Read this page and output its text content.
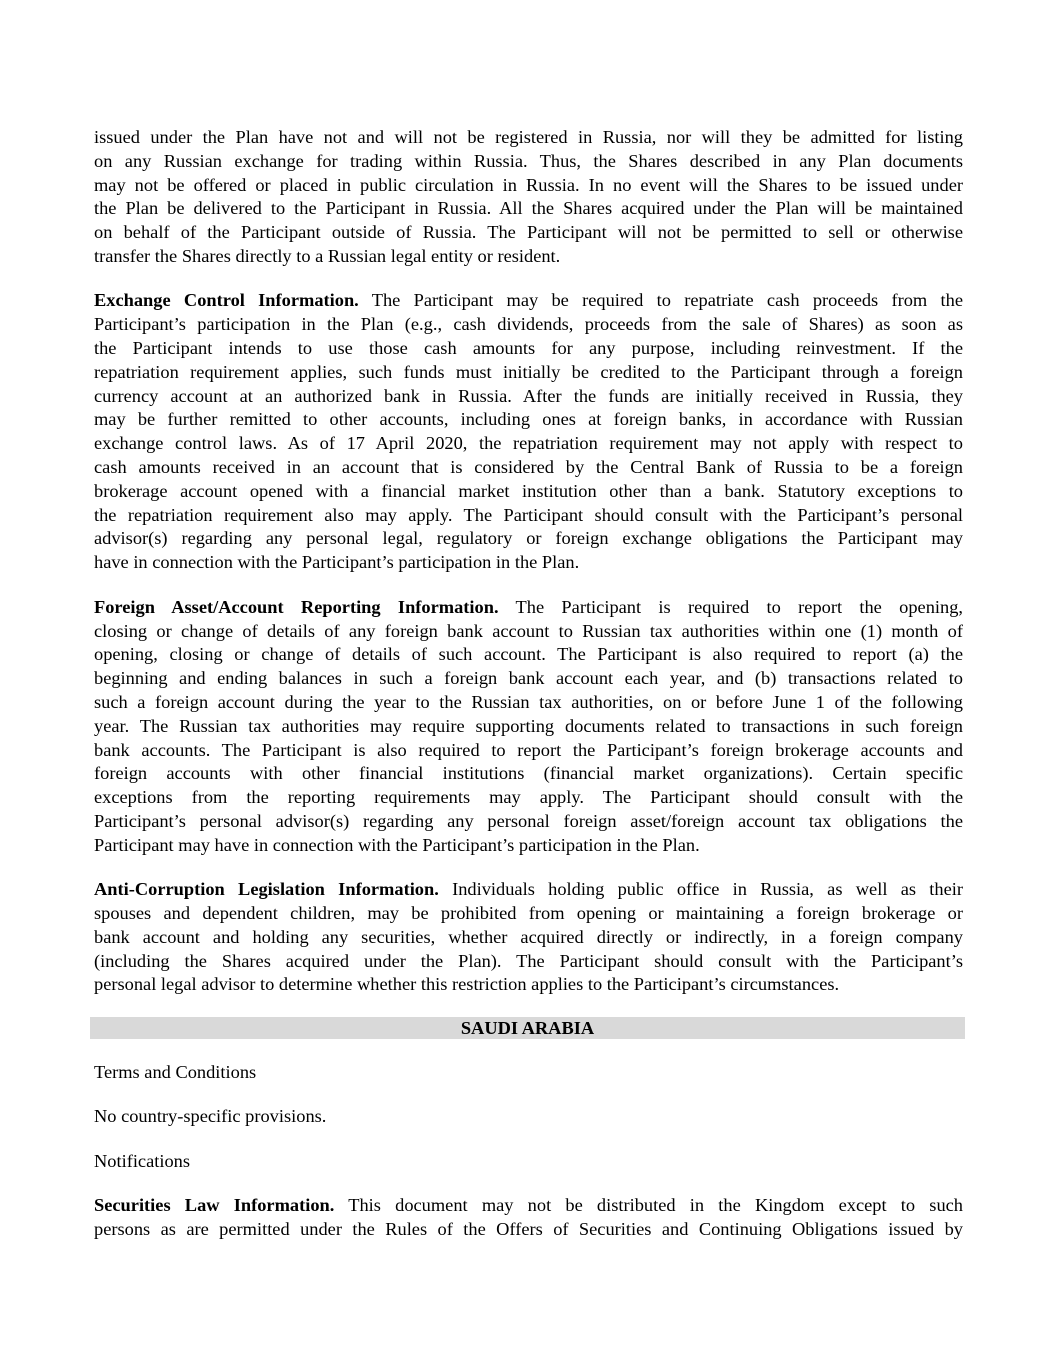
issued under the Plan have not and will not be registered in Russia, nor will they be admitted for listing
on any Russian exchange for trading within Russia. Thus, the Shares described in any Plan documents
may not be offered or placed in public circulation in Russia. In no event will the Shares to be issued under
the Plan be delivered to the Participant in Russia. All the Shares acquired under the Plan will be maintained
on behalf of the Participant outside of Russia. The Participant will not be permitted to sell or otherwise
transfer the Shares directly to a Russian legal entity or resident.
Exchange Control Information. The Participant may be required to repatriate cash proceeds from the
Participant’s participation in the Plan (e.g., cash dividends, proceeds from the sale of Shares) as soon as
the Participant intends to use those cash amounts for any purpose, including reinvestment. If the
repatriation requirement applies, such funds must initially be credited to the Participant through a foreign
currency account at an authorized bank in Russia. After the funds are initially received in Russia, they
may be further remitted to other accounts, including ones at foreign banks, in accordance with Russian
exchange control laws. As of 17 April 2020, the repatriation requirement may not apply with respect to
cash amounts received in an account that is considered by the Central Bank of Russia to be a foreign
brokerage account opened with a financial market institution other than a bank. Statutory exceptions to
the repatriation requirement also may apply. The Participant should consult with the Participant’s personal
advisor(s) regarding any personal legal, regulatory or foreign exchange obligations the Participant may
have in connection with the Participant’s participation in the Plan.
Foreign Asset/Account Reporting Information. The Participant is required to report the opening,
closing or change of details of any foreign bank account to Russian tax authorities within one (1) month of
opening, closing or change of details of such account. The Participant is also required to report (a) the
beginning and ending balances in such a foreign bank account each year, and (b) transactions related to
such a foreign account during the year to the Russian tax authorities, on or before June 1 of the following
year. The Russian tax authorities may require supporting documents related to transactions in such foreign
bank accounts. The Participant is also required to report the Participant’s foreign brokerage accounts and
foreign accounts with other financial institutions (financial market organizations). Certain specific
exceptions from the reporting requirements may apply. The Participant should consult with the
Participant’s personal advisor(s) regarding any personal foreign asset/foreign account tax obligations the
Participant may have in connection with the Participant’s participation in the Plan.
Anti-Corruption Legislation Information. Individuals holding public office in Russia, as well as their
spouses and dependent children, may be prohibited from opening or maintaining a foreign brokerage or
bank account and holding any securities, whether acquired directly or indirectly, in a foreign company
(including the Shares acquired under the Plan). The Participant should consult with the Participant’s
personal legal advisor to determine whether this restriction applies to the Participant’s circumstances.
SAUDI ARABIA
Terms and Conditions
No country-specific provisions.
Notifications
Securities Law Information. This document may not be distributed in the Kingdom except to such
persons as are permitted under the Rules of the Offers of Securities and Continuing Obligations issued by
